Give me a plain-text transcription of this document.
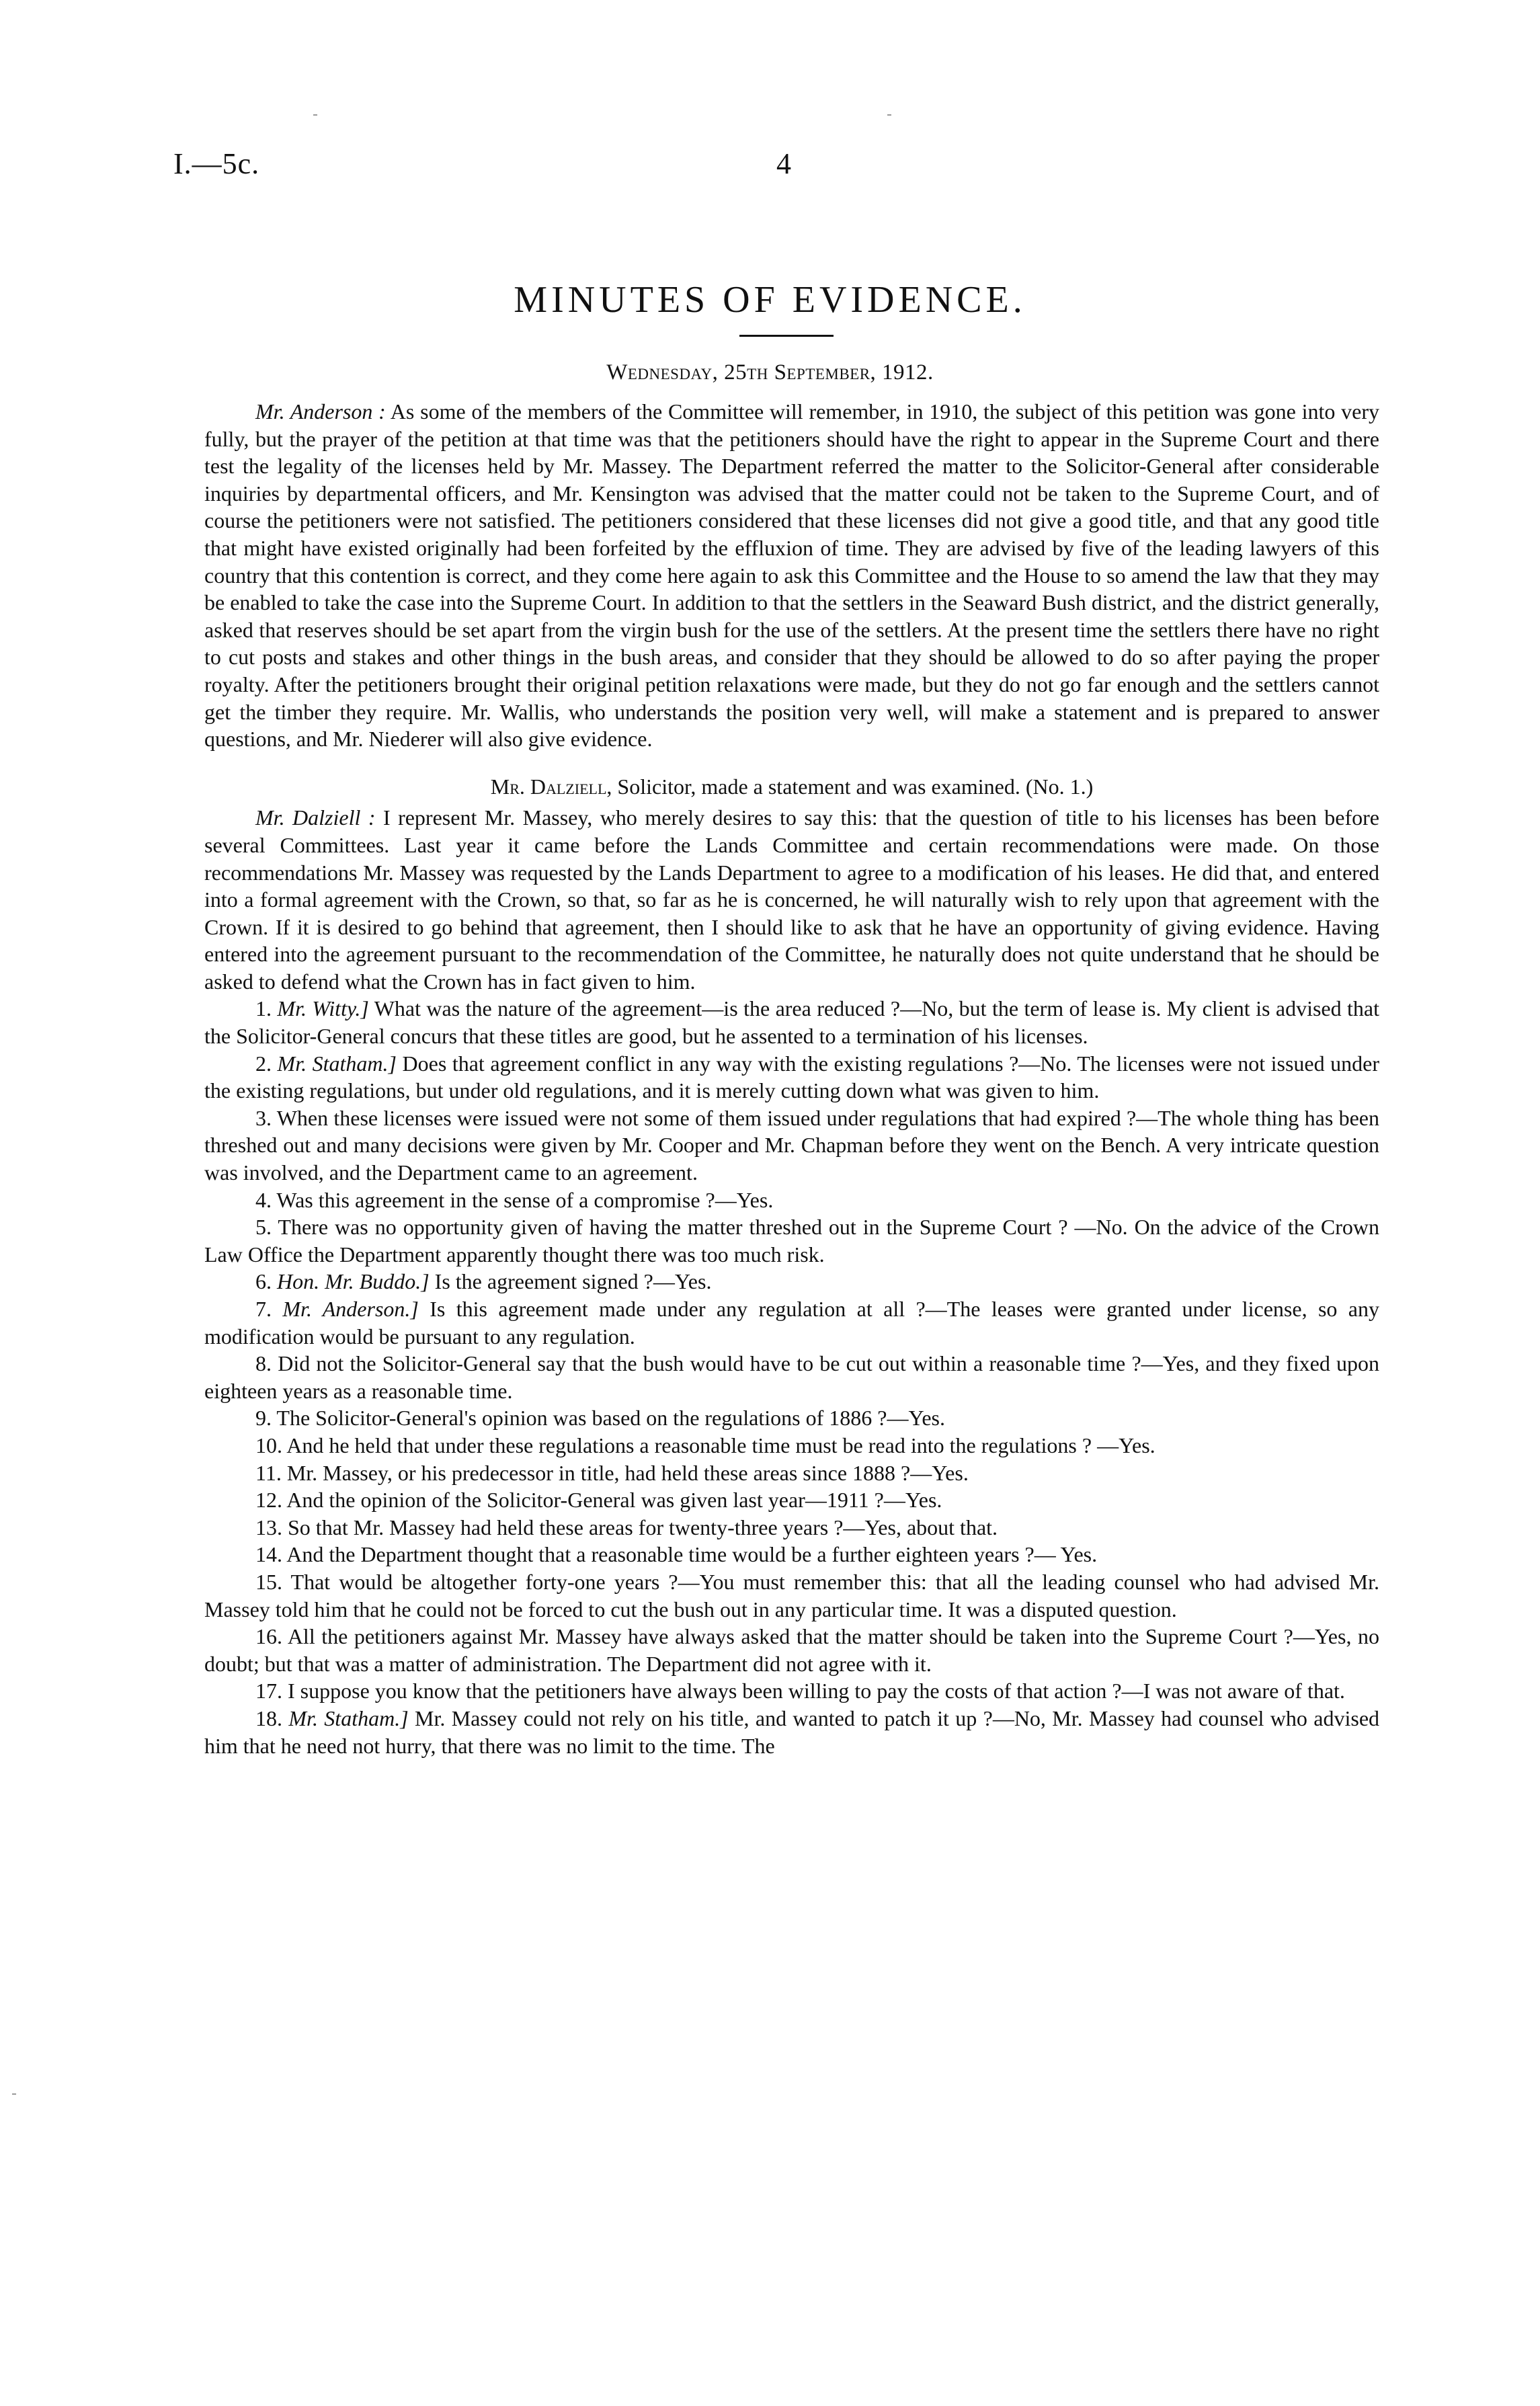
I.—5c.	4
MINUTES OF EVIDENCE.
Wednesday, 25th September, 1912.

Mr. Anderson : As some of the members of the Committee will remember, in 1910, the subject of this petition was gone into very fully, but the prayer of the petition at that time was that the petitioners should have the right to appear in the Supreme Court and there test the legality of the licenses held by Mr. Massey. The Department referred the matter to the Solicitor-General after considerable inquiries by departmental officers, and Mr. Kensington was advised that the matter could not be taken to the Supreme Court, and of course the petitioners were not satisfied. The petitioners considered that these licenses did not give a good title, and that any good title that might have existed originally had been forfeited by the effluxion of time. They are advised by five of the leading lawyers of this country that this contention is correct, and they come here again to ask this Committee and the House to so amend the law that they may be enabled to take the case into the Supreme Court. In addition to that the settlers in the Seaward Bush district, and the district generally, asked that reserves should be set apart from the virgin bush for the use of the settlers. At the present time the settlers there have no right to cut posts and stakes and other things in the bush areas, and consider that they should be allowed to do so after paying the proper royalty. After the petitioners brought their original petition relaxations were made, but they do not go far enough and the settlers cannot get the timber they require. Mr. Wallis, who understands the position very well, will make a statement and is prepared to answer questions, and Mr. Niederer will also give evidence.

Mr. Dalziell, Solicitor, made a statement and was examined. (No. 1.)

Mr. Dalziell : I represent Mr. Massey, who merely desires to say this: that the question of title to his licenses has been before several Committees. Last year it came before the Lands Committee and certain recommendations were made. On those recommendations Mr. Massey was requested by the Lands Department to agree to a modification of his leases. He did that, and entered into a formal agreement with the Crown, so that, so far as he is concerned, he will naturally wish to rely upon that agreement with the Crown. If it is desired to go behind that agreement, then I should like to ask that he have an opportunity of giving evidence. Having entered into the agreement pursuant to the recommendation of the Committee, he naturally does not quite understand that he should be asked to defend what the Crown has in fact given to him.

1. Mr. Witty.] What was the nature of the agreement—is the area reduced ?—No, but the term of lease is. My client is advised that the Solicitor-General concurs that these titles are good, but he assented to a termination of his licenses.

2. Mr. Statham.] Does that agreement conflict in any way with the existing regulations ?—No. The licenses were not issued under the existing regulations, but under old regulations, and it is merely cutting down what was given to him.

3. When these licenses were issued were not some of them issued under regulations that had expired ?—The whole thing has been threshed out and many decisions were given by Mr. Cooper and Mr. Chapman before they went on the Bench. A very intricate question was involved, and the Department came to an agreement.

4. Was this agreement in the sense of a compromise ?—Yes.

5. There was no opportunity given of having the matter threshed out in the Supreme Court ? —No. On the advice of the Crown Law Office the Department apparently thought there was too much risk.

6. Hon. Mr. Buddo.] Is the agreement signed ?—Yes.

7. Mr. Anderson.] Is this agreement made under any regulation at all ?—The leases were granted under license, so any modification would be pursuant to any regulation.

8. Did not the Solicitor-General say that the bush would have to be cut out within a reasonable time ?—Yes, and they fixed upon eighteen years as a reasonable time.

9. The Solicitor-General's opinion was based on the regulations of 1886 ?—Yes.

10. And he held that under these regulations a reasonable time must be read into the regulations ? —Yes.

11. Mr. Massey, or his predecessor in title, had held these areas since 1888 ?—Yes.

12. And the opinion of the Solicitor-General was given last year—1911 ?—Yes.

13. So that Mr. Massey had held these areas for twenty-three years ?—Yes, about that.

14. And the Department thought that a reasonable time would be a further eighteen years ?— Yes.

15. That would be altogether forty-one years ?—You must remember this: that all the leading counsel who had advised Mr. Massey told him that he could not be forced to cut the bush out in any particular time. It was a disputed question.

16. All the petitioners against Mr. Massey have always asked that the matter should be taken into the Supreme Court ?—Yes, no doubt; but that was a matter of administration. The Department did not agree with it.

17. I suppose you know that the petitioners have always been willing to pay the costs of that action ?—I was not aware of that.

18. Mr. Statham.] Mr. Massey could not rely on his title, and wanted to patch it up ?—No, Mr. Massey had counsel who advised him that he need not hurry, that there was no limit to the time. The
